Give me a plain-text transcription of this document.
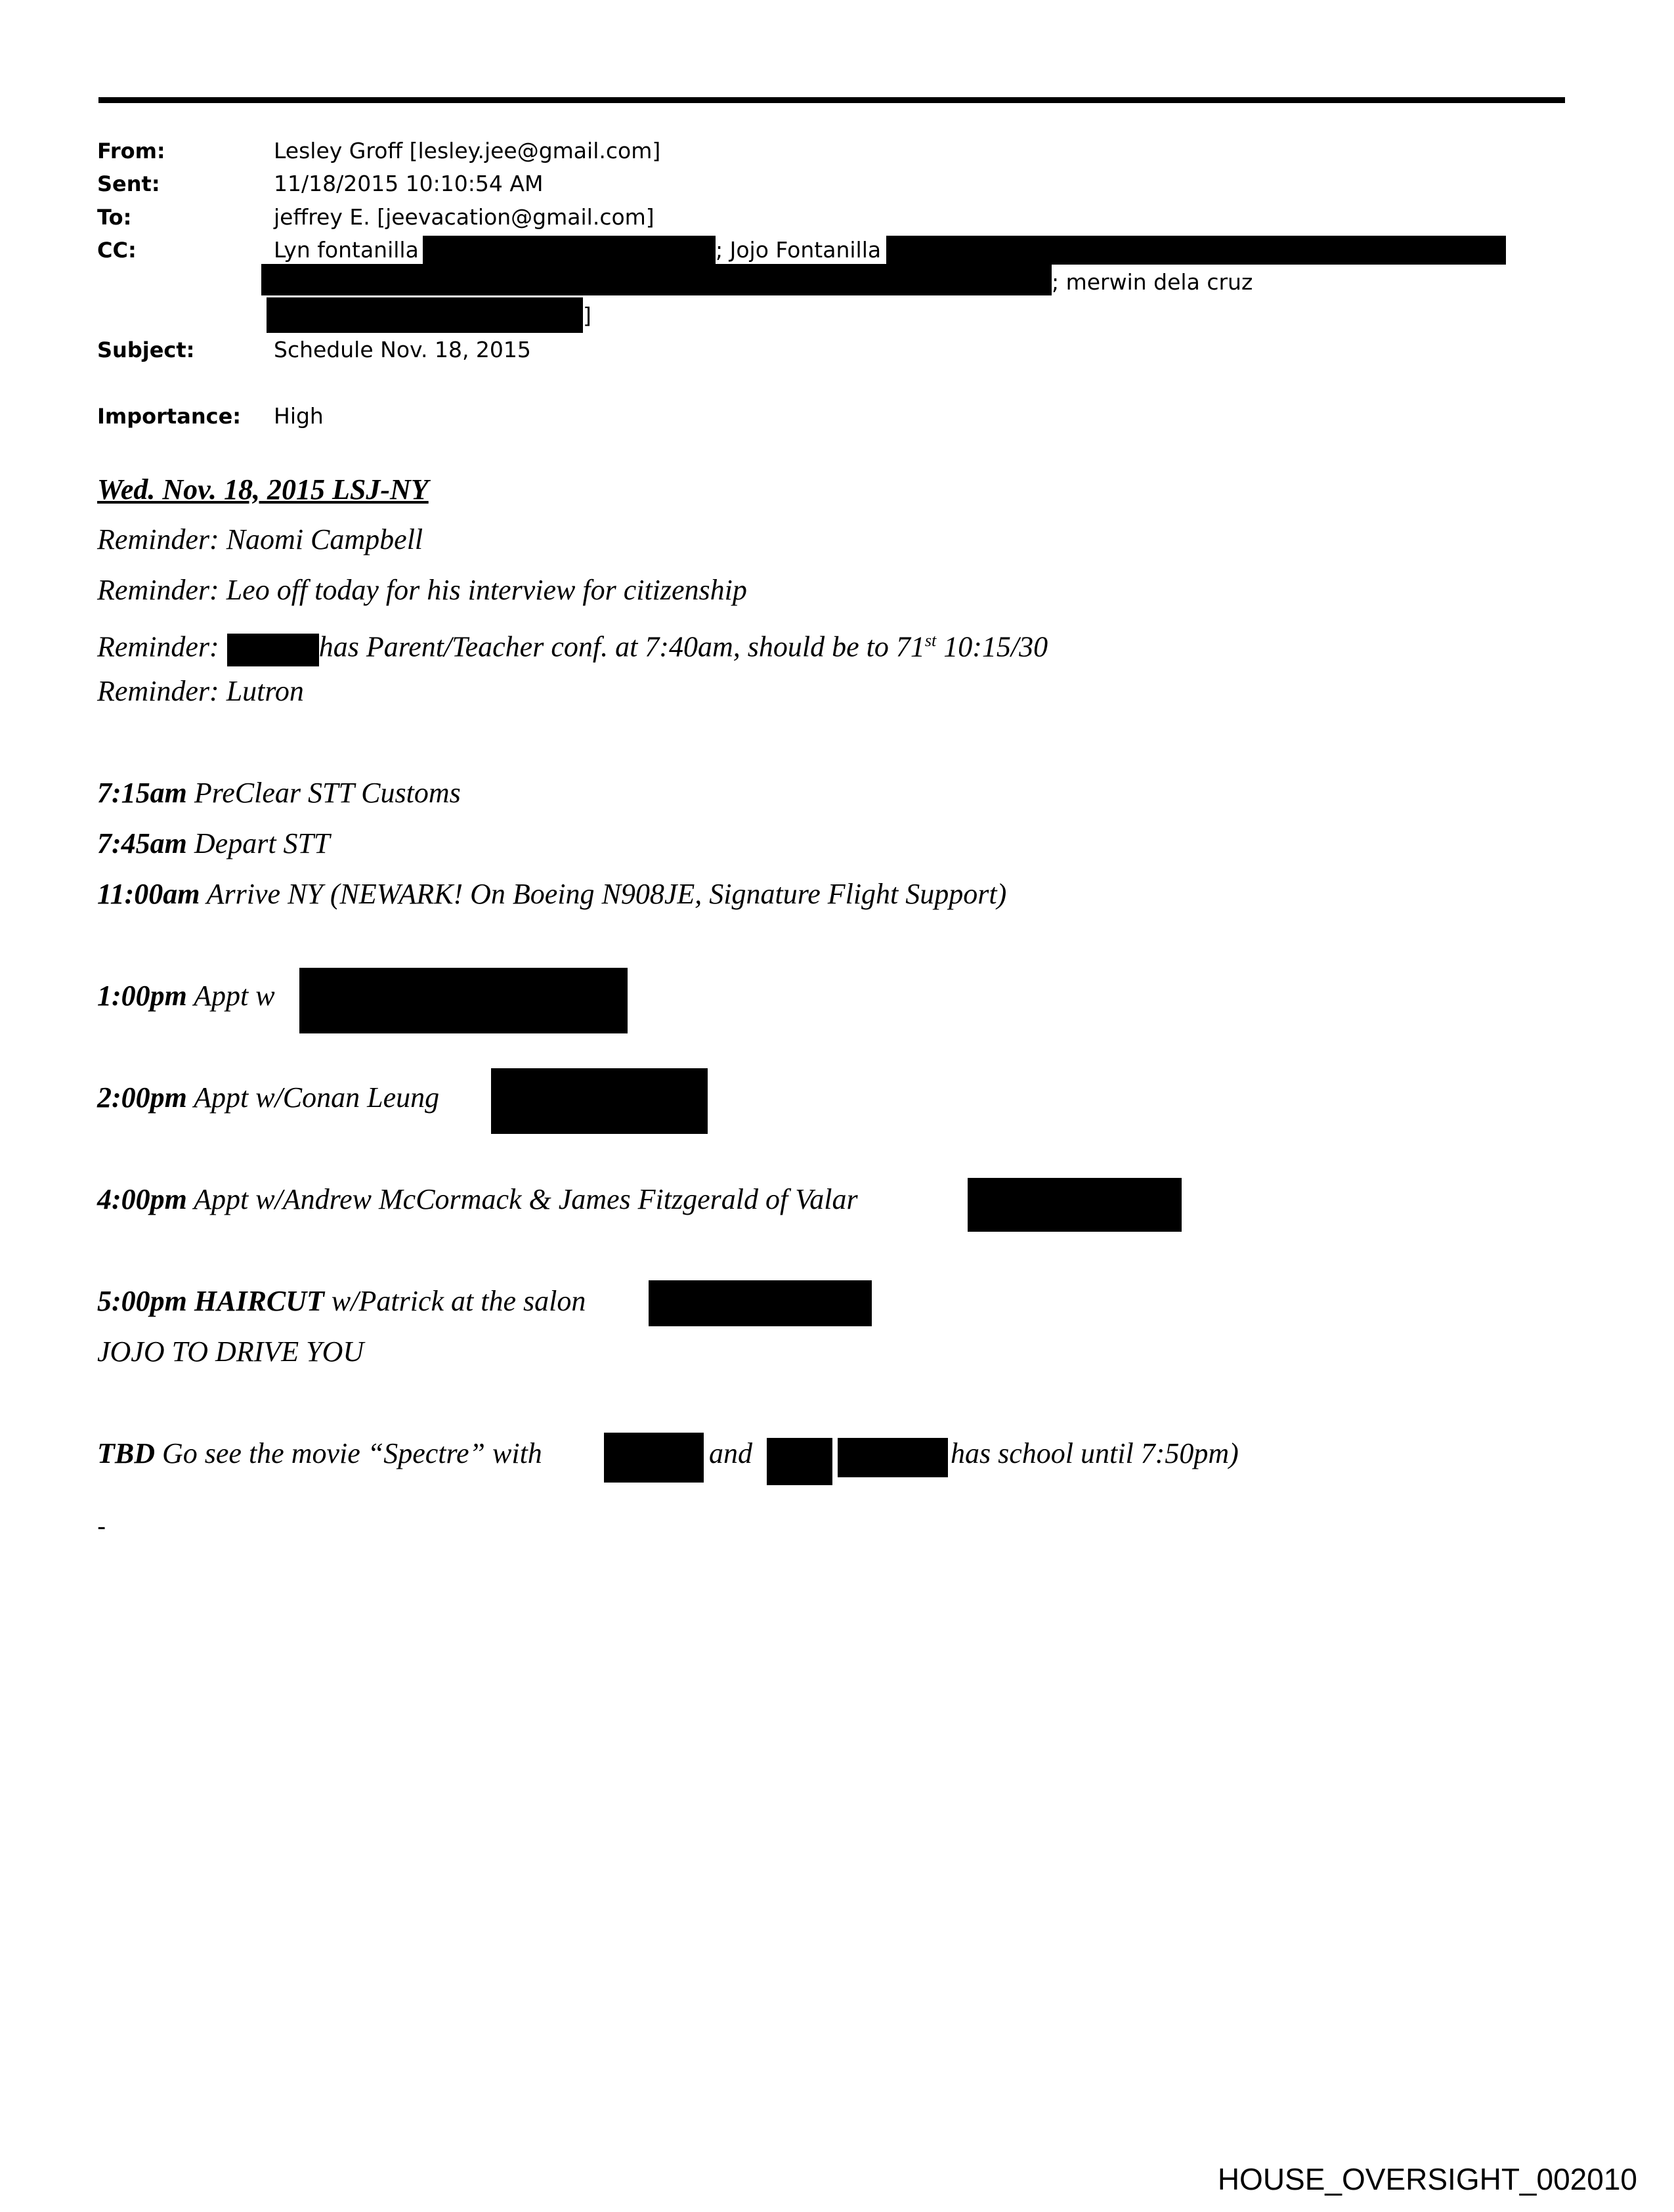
From:	Lesley Groff [lesley.jee@gmail.com]
Sent:	11/18/2015 10:10:54 AM
To:	jeffrey E. [jeevacation@gmail.com]
CC:	Lyn fontanilla	; Jojo Fontanilla
; merwin dela cruz
]
Subject:	Schedule Nov. 18, 2015
Importance: High
Wed. Nov. 18, 2015 LSJ-NY
Reminder: Naomi Campbell
Reminder: Leo off today for his interview for citizenship
Reminder:	has Parent/Teacher conf. at 7:40am, should be to 71st 10:15/30
Reminder: Lutron
7:15am PreClear STT Customs
7:45am Depart STT
11:00am Arrive NY (NEWARK! On Boeing N908JE, Signature Flight Support)
1:00pm Appt w
2:00pm Appt w/Conan Leung
4:00pm Appt w/Andrew McCormack & James Fitzgerald of Valar
5:00pm HAIRCUT w/Patrick at the salon
JOJO TO DRIVE YOU
TBD Go see the movie “Spectre” with	and	has school until 7:50pm)
-
HOUSE_OVERSIGHT_002010
